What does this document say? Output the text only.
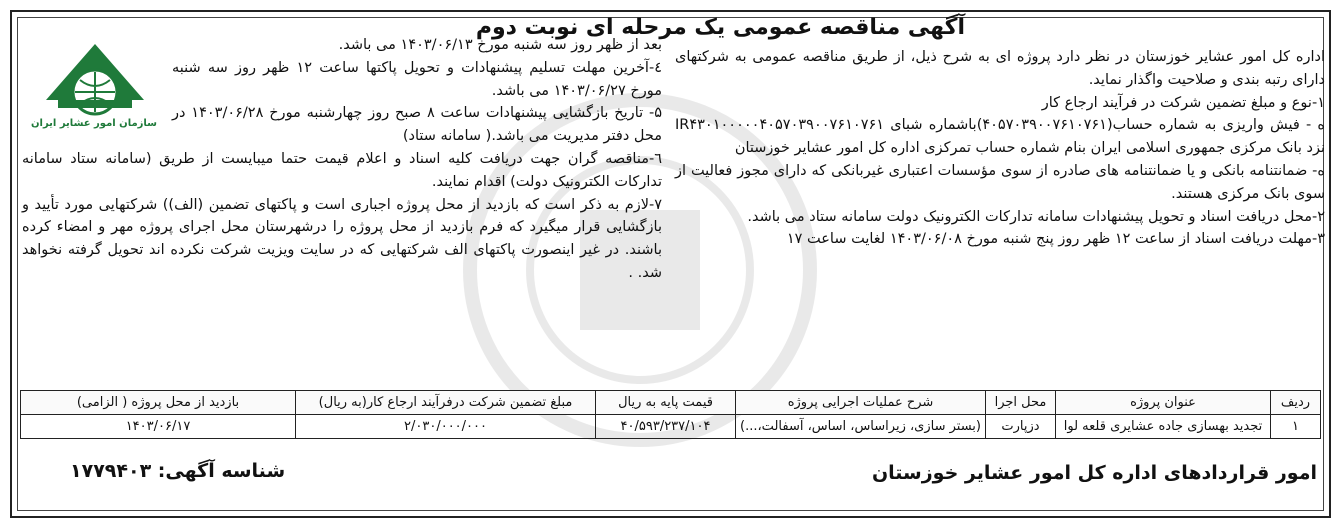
آگهی مناقصه عمومی یک مرحله ای نوبت دوم

اداره کل امور عشایر خوزستان در نظر دارد پروژه ای به شرح ذیل، از طریق مناقصه عمومی به شرکتهای دارای رتبه بندی و صلاحیت واگذار نماید.

۱-نوع و مبلغ تضمین شرکت در فرآیند ارجاع کار

ه - فیش واریزی به شماره حساب(۴۰۵۷۰۳۹۰۰۷۶۱۰۷۶۱)باشماره شبای IR۴۳۰۱۰۰۰۰۰۴۰۵۷۰۳۹۰۰۷۶۱۰۷۶۱ نزد بانک مرکزی جمهوری اسلامی ایران بنام شماره حساب تمرکزی اداره کل امور عشایر خوزستان

ه- ضمانتنامه بانکی و یا ضمانتنامه های صادره از سوی مؤسسات اعتباری غیربانکی که دارای مجوز فعالیت از سوی بانک مرکزی هستند.

۲-محل دریافت اسناد و تحویل پیشنهادات سامانه تدارکات الکترونیک دولت سامانه ستاد می باشد.

۳-مهلت دریافت اسناد از ساعت ۱۲ ظهر روز پنج شنبه مورخ ۱۴۰۳/۰۶/۰۸ لغایت ساعت ۱۷

بعد از ظهر روز سه شنبه مورخ ۱۴۰۳/۰۶/۱۳ می باشد.

٤-آخرین مهلت تسلیم پیشنهادات و تحویل پاکتها ساعت ۱۲ ظهر روز سه شنبه مورخ ۱۴۰۳/۰۶/۲۷ می باشد.

۵- تاریخ بازگشایی پیشنهادات ساعت ۸ صبح روز چهارشنبه مورخ ۱۴۰۳/۰۶/۲۸ در محل دفتر مدیریت می باشد.( سامانه ستاد)

٦-مناقصه گران جهت دریافت کلیه اسناد و اعلام قیمت حتما میبایست از طریق (سامانه ستاد سامانه تدارکات الکترونیک دولت) اقدام نمایند.

۷-لازم به ذکر است که بازدید از محل پروژه اجباری است و پاکتهای تضمین (الف)) شرکتهایی مورد تأیید و بازگشایی قرار میگیرد که فرم بازدید از محل پروژه را درشهرستان محل اجرای پروژه مهر و امضاء کرده باشند. در غیر اینصورت پاکتهای الف شرکتهایی که در سایت ویزیت شرکت نکرده اند تحویل گرفته نخواهد شد. .

سازمان امور عشایر ایران
ردیف	عنوان پروژه	محل اجرا	شرح عملیات اجرایی پروژه	قیمت پایه به ریال	مبلغ تضمین شرکت درفرآیند ارجاع کار(به ریال)	بازدید از محل پروژه ( الزامی)
۱	تجدید بهسازی جاده عشایری قلعه لوا	دزپارت	(بستر سازی، زیراساس، اساس، آسفالت،...)	۴۰/۵۹۳/۲۳۷/۱۰۴	۲/۰۳۰/۰۰۰/۰۰۰	۱۴۰۳/۰۶/۱۷
امور قراردادهای اداره کل امور عشایر خوزستان
شناسه آگهی: ۱۷۷۹۴۰۳
